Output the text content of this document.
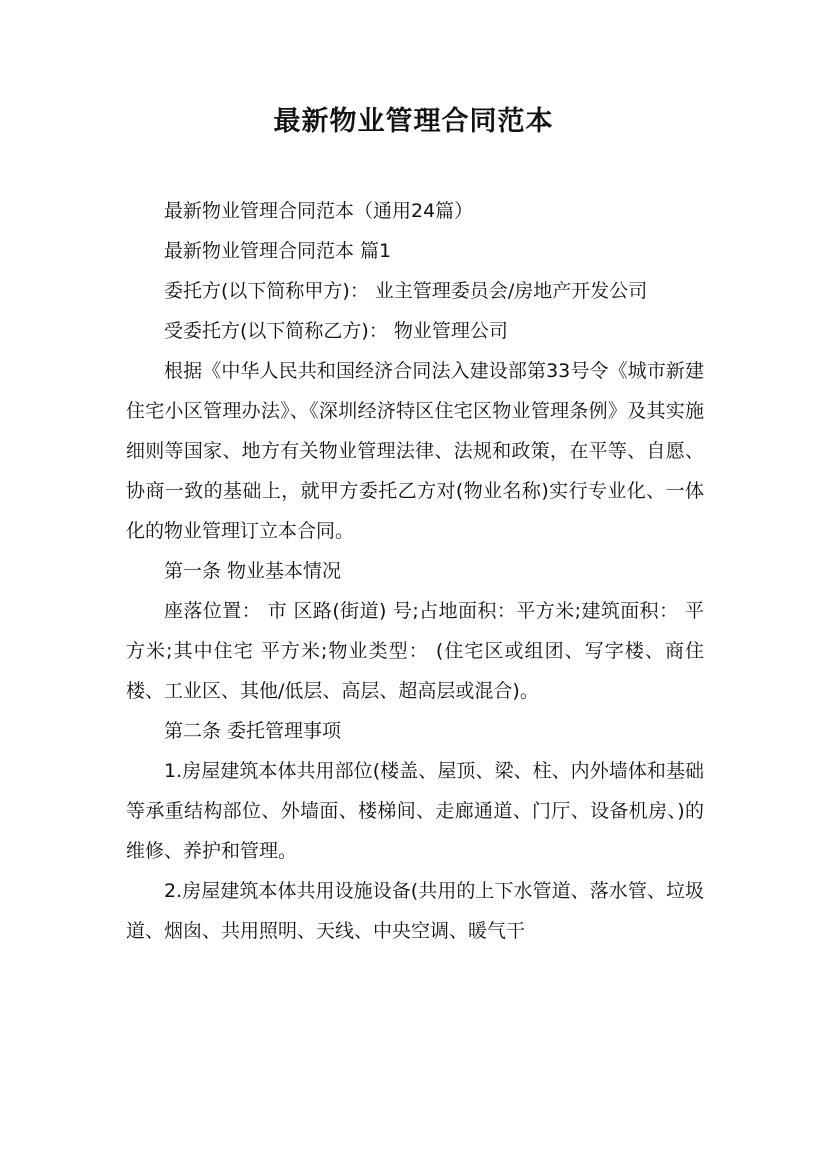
最新物业管理合同范本

最新物业管理合同范本（通用24篇）

最新物业管理合同范本 篇1

委托方(以下简称甲方)： 业主管理委员会/房地产开发公司

受委托方(以下简称乙方)： 物业管理公司

根据《中华人民共和国经济合同法入建设部第33号令《城市新建住宅小区管理办法》、《深圳经济特区住宅区物业管理条例》及其实施细则等国家、地方有关物业管理法律、法规和政策，在平等、自愿、协商一致的基础上，就甲方委托乙方对(物业名称)实行专业化、一体化的物业管理订立本合同。

第一条 物业基本情况

座落位置： 市 区路(街道) 号;占地面积：平方米;建筑面积： 平方米;其中住宅 平方米;物业类型： (住宅区或组团、写字楼、商住楼、工业区、其他/低层、高层、超高层或混合)。

第二条 委托管理事项

1.房屋建筑本体共用部位(楼盖、屋顶、梁、柱、内外墙体和基础等承重结构部位、外墙面、楼梯间、走廊通道、门厅、设备机房、)的维修、养护和管理。

2.房屋建筑本体共用设施设备(共用的上下水管道、落水管、垃圾道、烟囱、共用照明、天线、中央空调、暖气干
